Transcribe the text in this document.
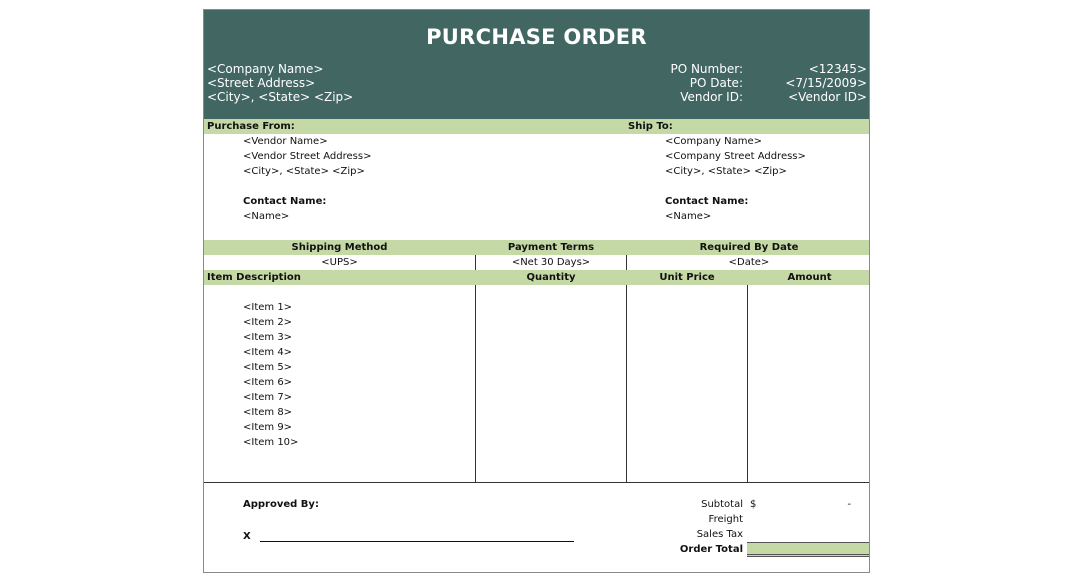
PURCHASE ORDER
<Company Name>
<Street Address>
<City>, <State> <Zip>
PO Number:	<12345>
PO Date:	<7/15/2009>
Vendor ID:	<Vendor ID>
Purchase From:	Ship To:
<Vendor Name>
<Vendor Street Address>
<City>, <State> <Zip>
Contact Name:
<Name>
<Company Name>
<Company Street Address>
<City>, <State> <Zip>
Contact Name:
<Name>
Shipping Method	Payment Terms	Required By Date
<UPS>	<Net 30 Days>	<Date>
Item Description	Quantity	Unit Price	Amount
<Item 1>
<Item 2>
<Item 3>
<Item 4>
<Item 5>
<Item 6>
<Item 7>
<Item 8>
<Item 9>
<Item 10>
Approved By:
X
Subtotal $	-
Freight
Sales Tax
Order Total
